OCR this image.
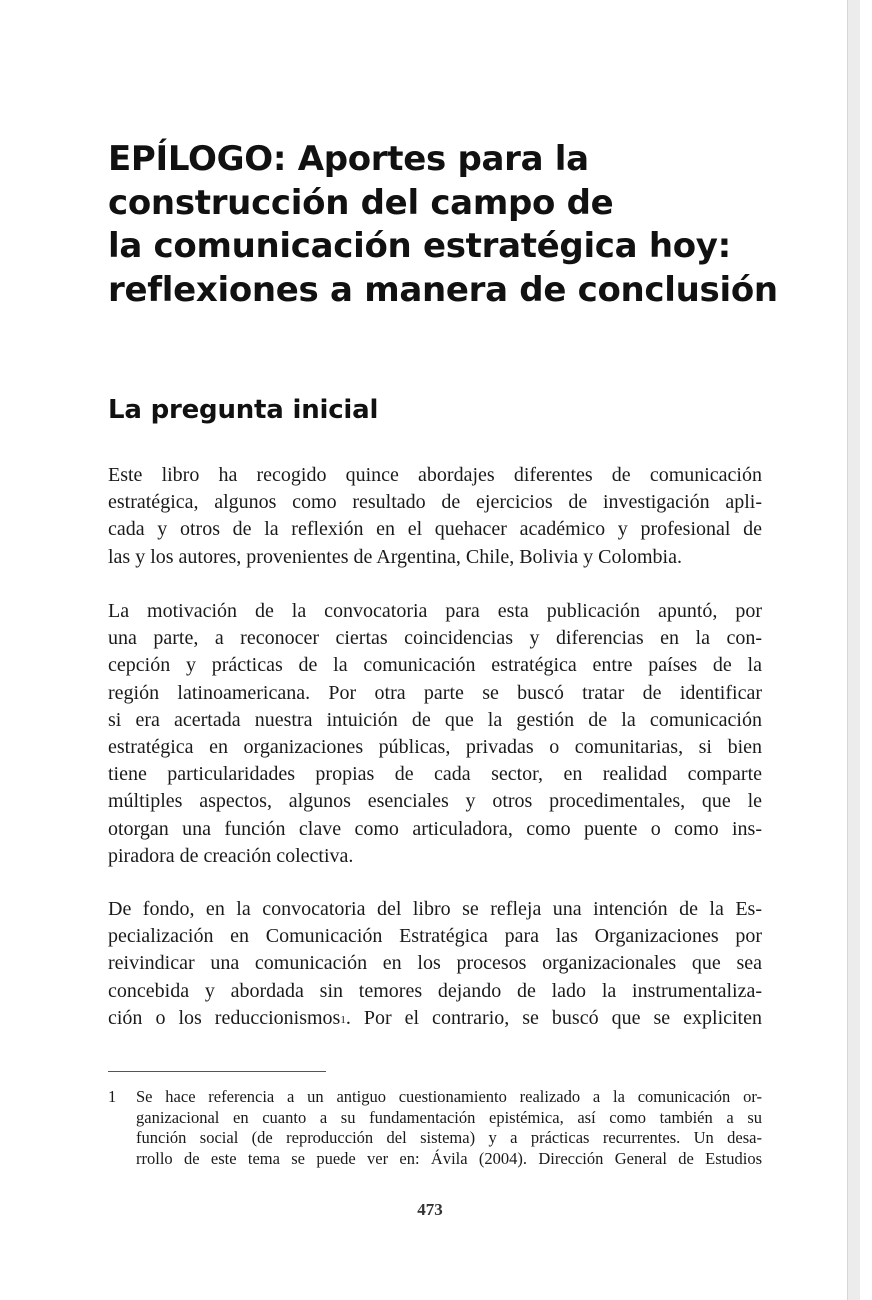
EPÍLOGO: Aportes para la
construcción del campo de
la comunicación estratégica hoy:
reflexiones a manera de conclusión
La pregunta inicial
Este libro ha recogido quince abordajes diferentes de comunicación
estratégica, algunos como resultado de ejercicios de investigación apli-
cada y otros de la reflexión en el quehacer académico y profesional de
las y los autores, provenientes de Argentina, Chile, Bolivia y Colombia.
La motivación de la convocatoria para esta publicación apuntó, por
una parte, a reconocer ciertas coincidencias y diferencias en la con-
cepción y prácticas de la comunicación estratégica entre países de la
región latinoamericana. Por otra parte se buscó tratar de identificar
si era acertada nuestra intuición de que la gestión de la comunicación
estratégica en organizaciones públicas, privadas o comunitarias, si bien
tiene particularidades propias de cada sector, en realidad comparte
múltiples aspectos, algunos esenciales y otros procedimentales, que le
otorgan una función clave como articuladora, como puente o como ins-
piradora de creación colectiva.
De fondo, en la convocatoria del libro se refleja una intención de la Es-
pecialización en Comunicación Estratégica para las Organizaciones por
reivindicar una comunicación en los procesos organizacionales que sea
concebida y abordada sin temores dejando de lado la instrumentaliza-
ción o los reduccionismos$^1$. Por el contrario, se buscó que se expliciten
1 Se hace referencia a un antiguo cuestionamiento realizado a la comunicación or-
ganizacional en cuanto a su fundamentación epistémica, así como también a su
función social (de reproducción del sistema) y a prácticas recurrentes. Un desa-
rrollo de este tema se puede ver en: Ávila (2004). Dirección General de Estudios
473
